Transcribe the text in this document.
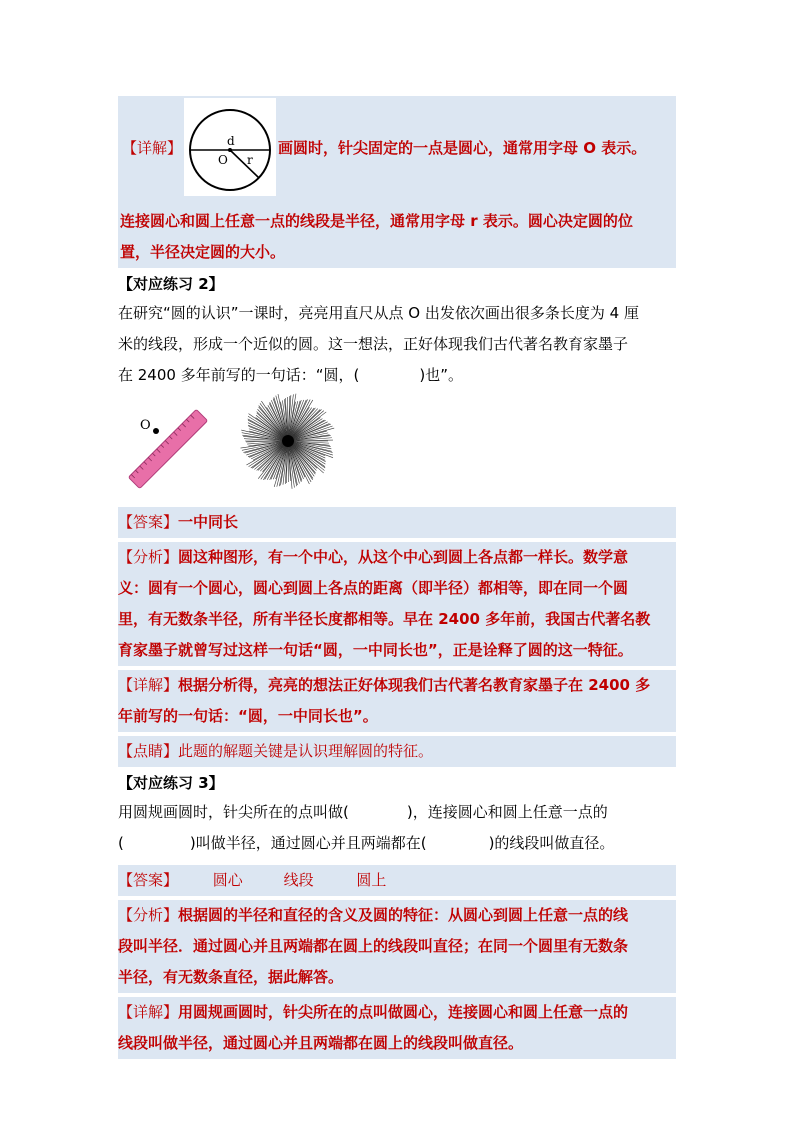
【详解】	d
O r
画圆时，针尖固定的一点是圆心，通常用字母 O 表示。
连接圆心和圆上任意一点的线段是半径，通常用字母 r 表示。圆心决定圆的位
置，半径决定圆的大小。
【对应练习 2】
在研究“圆的认识”一课时，亮亮用直尺从点 O 出发依次画出很多条长度为 4 厘
米的线段，形成一个近似的圆。这一想法，正好体现我们古代著名教育家墨子
在 2400 多年前写的一句话：“圆，(	)也”。
O
【答案】一中同长
【分析】圆这种图形，有一个中心，从这个中心到圆上各点都一样长。数学意
义：圆有一个圆心，圆心到圆上各点的距离（即半径）都相等，即在同一个圆
里，有无数条半径，所有半径长度都相等。早在 2400 多年前，我国古代著名教
育家墨子就曾写过这样一句话“圆，一中同长也”，正是诠释了圆的这一特征。
【详解】根据分析得，亮亮的想法正好体现我们古代著名教育家墨子在 2400 多
年前写的一句话：“圆，一中同长也”。
【点睛】此题的解题关键是认识理解圆的特征。
【对应练习 3】
用圆规画圆时，针尖所在的点叫做(	)，连接圆心和圆上任意一点的
(	)叫做半径，通过圆心并且两端都在(	)的线段叫做直径。
【答案】 圆心	线段	圆上
【分析】根据圆的半径和直径的含义及圆的特征：从圆心到圆上任意一点的线
段叫半径．通过圆心并且两端都在圆上的线段叫直径；在同一个圆里有无数条
半径，有无数条直径，据此解答。
【详解】用圆规画圆时，针尖所在的点叫做圆心，连接圆心和圆上任意一点的
线段叫做半径，通过圆心并且两端都在圆上的线段叫做直径。
